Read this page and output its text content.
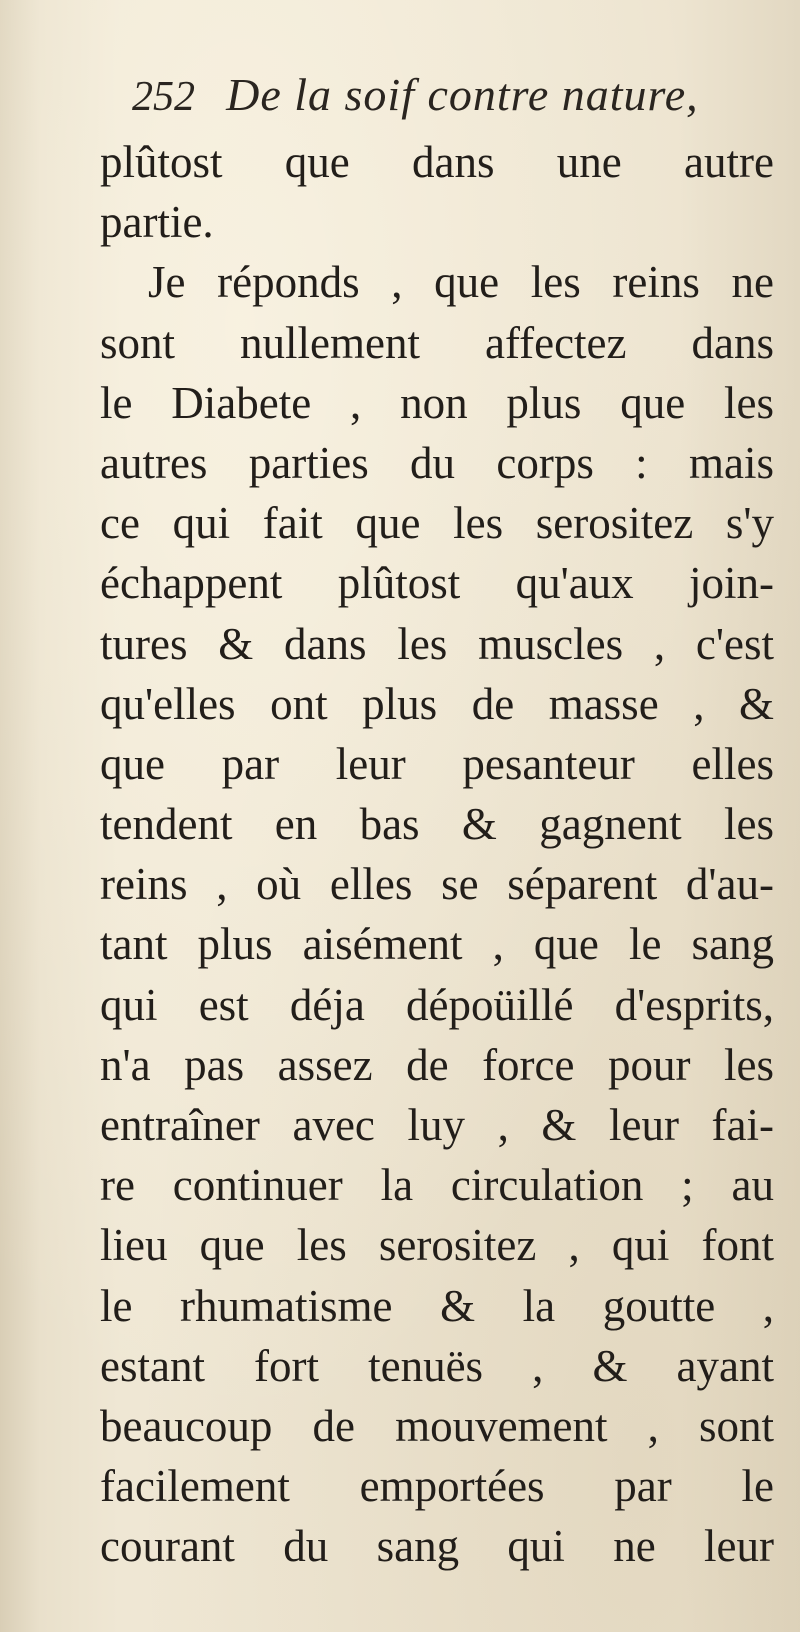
252 De la soif contre nature,
plûtost que dans une autre
partie.
Je réponds , que les reins ne
sont nullement affectez dans
le Diabete , non plus que les
autres parties du corps : mais
ce qui fait que les serositez s'y
échappent plûtost qu'aux join-
tures & dans les muscles , c'est
qu'elles ont plus de masse , &
que par leur pesanteur elles
tendent en bas & gagnent les
reins , où elles se séparent d'au-
tant plus aisément , que le sang
qui est déja dépoüillé d'esprits,
n'a pas assez de force pour les
entraîner avec luy , & leur fai-
re continuer la circulation ; au
lieu que les serositez , qui font
le rhumatisme & la goutte ,
estant fort tenuës , & ayant
beaucoup de mouvement , sont
facilement emportées par le
courant du sang qui ne leur
